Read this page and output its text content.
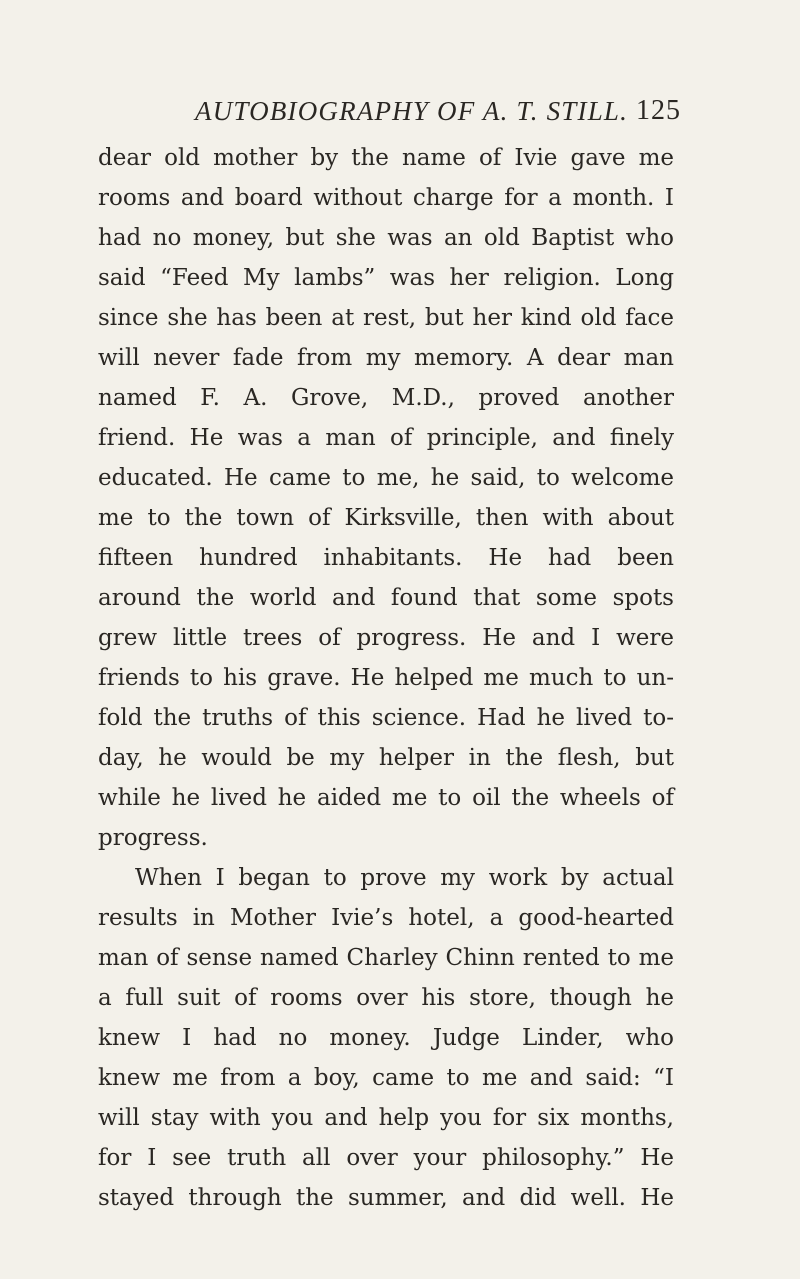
AUTOBIOGRAPHY OF A. T. STILL. 125
dear old mother by the name of Ivie gave me
rooms and board without charge for a month. I
had no money, but she was an old Baptist who
said “Feed My lambs” was her religion. Long
since she has been at rest, but her kind old face
will never fade from my memory. A dear man
named F. A. Grove, M.D., proved another
friend. He was a man of principle, and finely
educated. He came to me, he said, to welcome
me to the town of Kirksville, then with about
fifteen hundred inhabitants. He had been
around the world and found that some spots
grew little trees of progress. He and I were
friends to his grave. He helped me much to un-
fold the truths of this science. Had he lived to-
day, he would be my helper in the flesh, but
while he lived he aided me to oil the wheels of
progress.
When I began to prove my work by actual
results in Mother Ivie’s hotel, a good-hearted
man of sense named Charley Chinn rented to me
a full suit of rooms over his store, though he
knew I had no money. Judge Linder, who
knew me from a boy, came to me and said: “I
will stay with you and help you for six months,
for I see truth all over your philosophy.” He
stayed through the summer, and did well. He
